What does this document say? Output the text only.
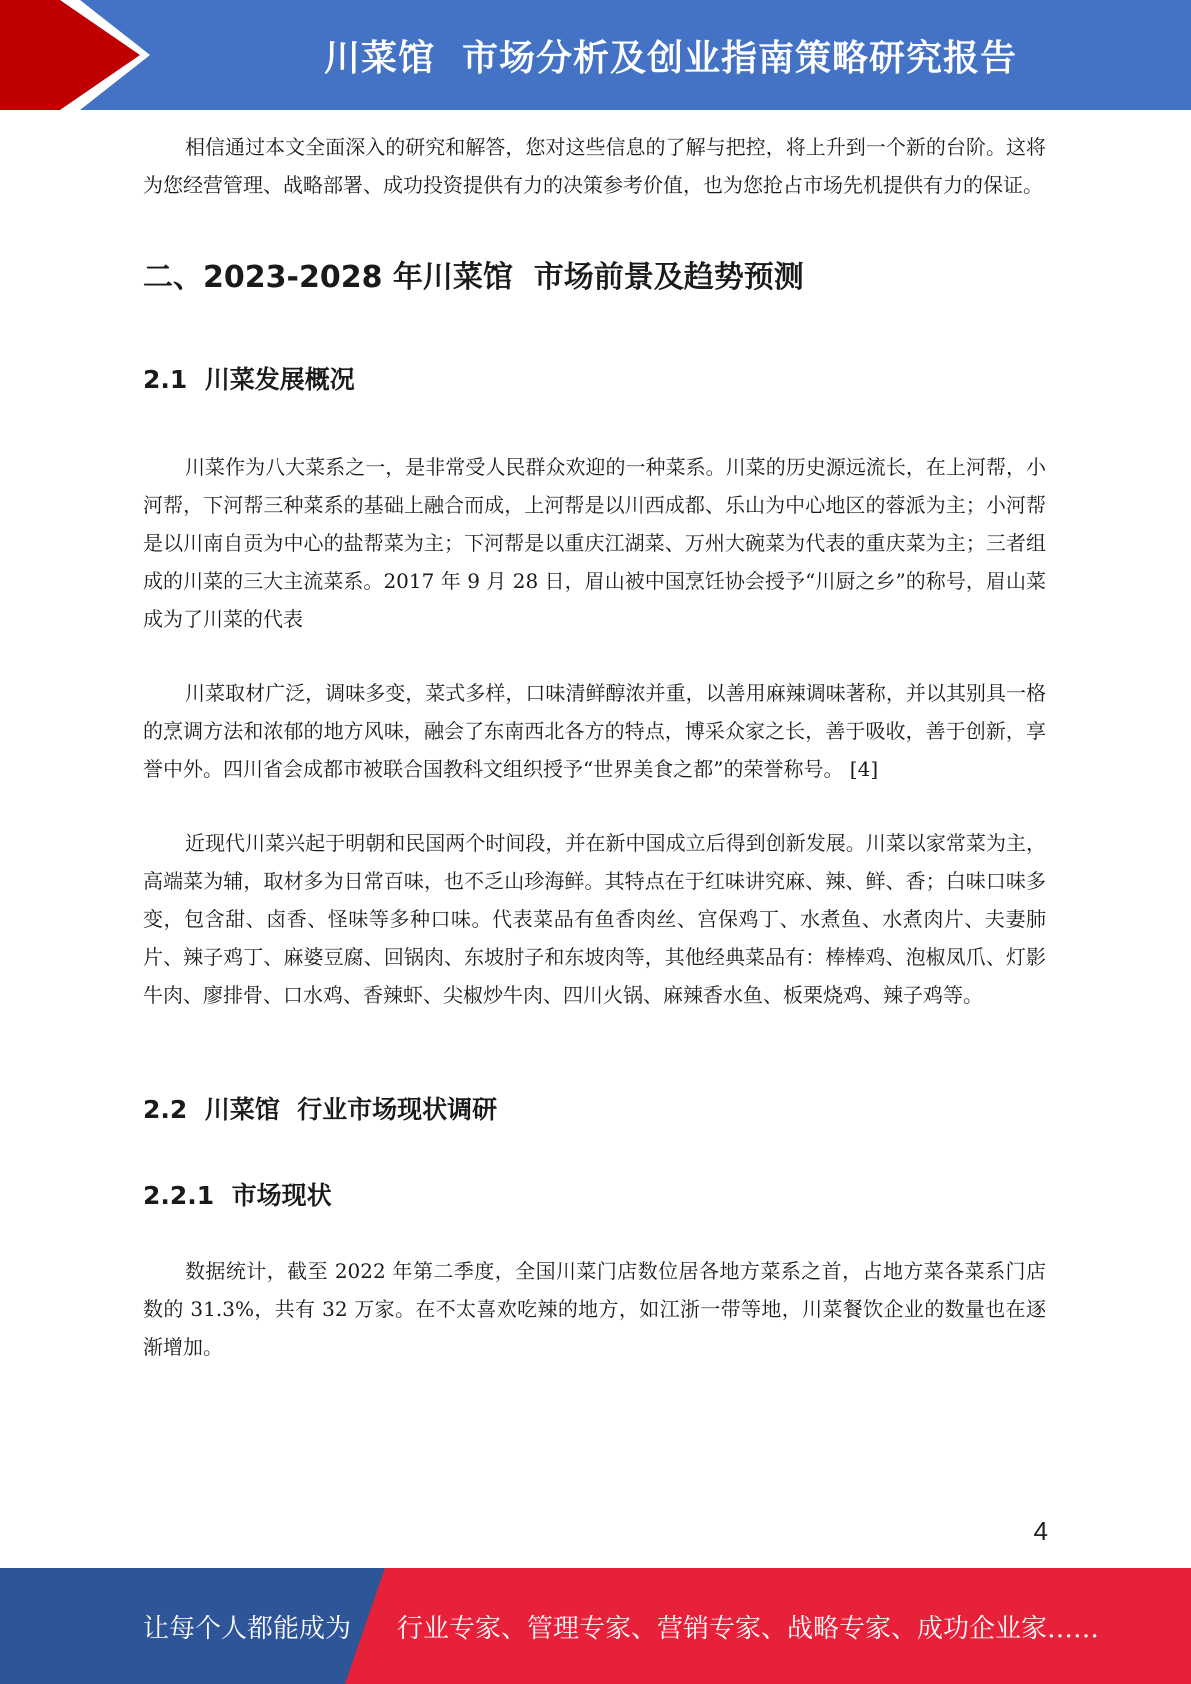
川菜馆  市场分析及创业指南策略研究报告

相信通过本文全面深入的研究和解答，您对这些信息的了解与把控，将上升到一个新的台阶。这将为您经营管理、战略部署、成功投资提供有力的决策参考价值，也为您抢占市场先机提供有力的保证。

二、2023-2028 年川菜馆  市场前景及趋势预测
2.1  川菜发展概况

川菜作为八大菜系之一，是非常受人民群众欢迎的一种菜系。川菜的历史源远流长，在上河帮，小河帮，下河帮三种菜系的基础上融合而成，上河帮是以川西成都、乐山为中心地区的蓉派为主；小河帮是以川南自贡为中心的盐帮菜为主；下河帮是以重庆江湖菜、万州大碗菜为代表的重庆菜为主；三者组成的川菜的三大主流菜系。2017 年 9 月 28 日，眉山被中国烹饪协会授予“川厨之乡”的称号，眉山菜成为了川菜的代表

川菜取材广泛，调味多变，菜式多样，口味清鲜醇浓并重，以善用麻辣调味著称，并以其别具一格的烹调方法和浓郁的地方风味，融会了东南西北各方的特点，博采众家之长，善于吸收，善于创新，享誉中外。四川省会成都市被联合国教科文组织授予“世界美食之都”的荣誉称号。 [4]

近现代川菜兴起于明朝和民国两个时间段，并在新中国成立后得到创新发展。川菜以家常菜为主，高端菜为辅，取材多为日常百味，也不乏山珍海鲜。其特点在于红味讲究麻、辣、鲜、香；白味口味多变，包含甜、卤香、怪味等多种口味。代表菜品有鱼香肉丝、宫保鸡丁、水煮鱼、水煮肉片、夫妻肺片、辣子鸡丁、麻婆豆腐、回锅肉、东坡肘子和东坡肉等，其他经典菜品有：棒棒鸡、泡椒凤爪、灯影牛肉、廖排骨、口水鸡、香辣虾、尖椒炒牛肉、四川火锅、麻辣香水鱼、板栗烧鸡、辣子鸡等。

2.2  川菜馆  行业市场现状调研
2.2.1  市场现状

数据统计，截至 2022 年第二季度，全国川菜门店数位居各地方菜系之首，占地方菜各菜系门店数的 31.3%，共有 32 万家。在不太喜欢吃辣的地方，如江浙一带等地，川菜餐饮企业的数量也在逐渐增加。

4
让每个人都能成为 行业专家、管理专家、营销专家、战略专家、成功企业家……
